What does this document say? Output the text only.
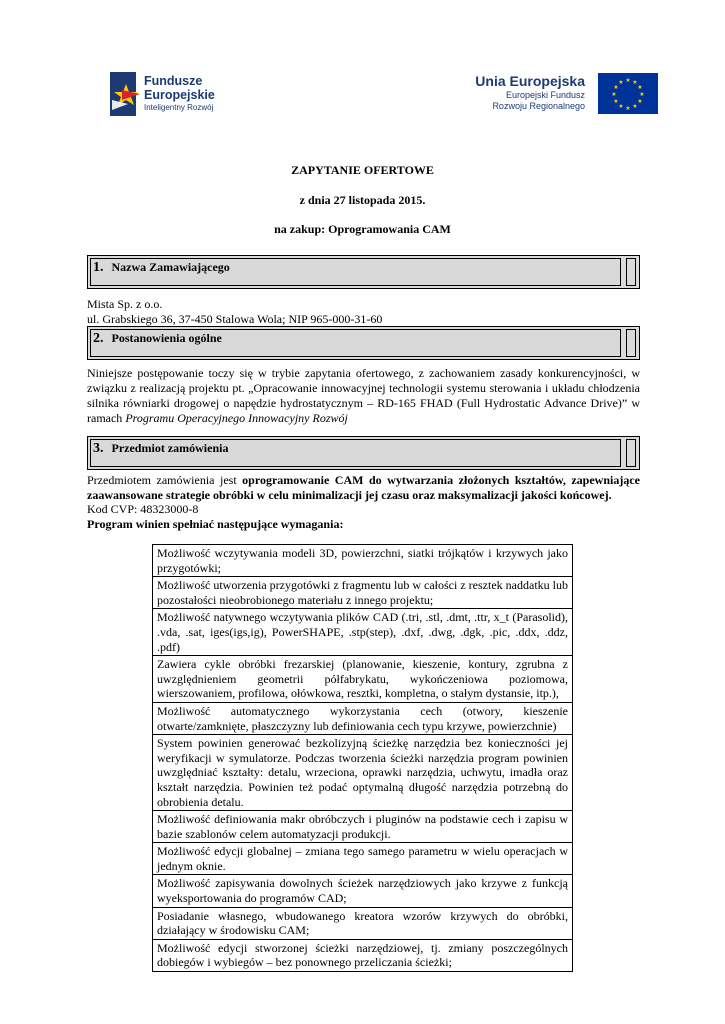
Fundusze
Europejskie
Inteligentny Rozwój
Unia Europejska
Europejski Fundusz
Rozwoju Regionalnego
★ ★
★
★
★
★
★
★
★
★
★
★
ZAPYTANIE OFERTOWE
z dnia 27 listopada 2015.
na zakup: Oprogramowania CAM
1. Nazwa Zamawiającego
Mista Sp. z o.o.
ul. Grabskiego 36, 37-450 Stalowa Wola; NIP 965-000-31-60
2. Postanowienia ogólne
Niniejsze postępowanie toczy się w trybie zapytania ofertowego, z zachowaniem zasady konkurencyjności, w związku z realizacją projektu pt. „Opracowanie innowacyjnej technologii systemu sterowania i układu chłodzenia silnika równiarki drogowej o napędzie hydrostatycznym – RD-165 FHAD (Full Hydrostatic Advance Drive)” w ramach Programu Operacyjnego Innowacyjny Rozwój
3. Przedmiot zamówienia
Przedmiotem zamówienia jest oprogramowanie CAM do wytwarzania złożonych kształtów, zapewniające zaawansowane strategie obróbki w celu minimalizacji jej czasu oraz maksymalizacji jakości końcowej.
Kod CVP: 48323000-8
Program winien spełniać następujące wymagania:
Możliwość wczytywania modeli 3D, powierzchni, siatki trójkątów i krzywych jako przygotówki;
Możliwość utworzenia przygotówki z fragmentu lub w całości z resztek naddatku lub pozostałości nieobrobionego materiału z innego projektu;
Możliwość natywnego wczytywania plików CAD (.tri, .stl, .dmt, .ttr, x_t (Parasolid), .vda, .sat, iges(igs,ig), PowerSHAPE, .stp(step), .dxf, .dwg, .dgk, .pic, .ddx, .ddz, .pdf)
Zawiera cykle obróbki frezarskiej (planowanie, kieszenie, kontury, zgrubna z uwzględnieniem geometrii półfabrykatu, wykończeniowa poziomowa, wierszowaniem, profilowa, ołówkowa, resztki, kompletna, o stałym dystansie, itp.),
Możliwość automatycznego wykorzystania cech (otwory, kieszenie otwarte/zamknięte, płaszczyzny lub definiowania cech typu krzywe, powierzchnie)
System powinien generować bezkolizyjną ścieżkę narzędzia bez konieczności jej weryfikacji w symulatorze. Podczas tworzenia ścieżki narzędzia program powinien uwzględniać kształty: detalu, wrzeciona, oprawki narzędzia, uchwytu, imadła oraz kształt narzędzia. Powinien też podać optymalną długość narzędzia potrzebną do obrobienia detalu.
Możliwość definiowania makr obróbczych i pluginów na podstawie cech i zapisu w bazie szablonów celem automatyzacji produkcji.
Możliwość edycji globalnej – zmiana tego samego parametru w wielu operacjach w jednym oknie.
Możliwość zapisywania dowolnych ścieżek narzędziowych jako krzywe z funkcją wyeksportowania do programów CAD;
Posiadanie własnego, wbudowanego kreatora wzorów krzywych do obróbki, działający w środowisku CAM;
Możliwość edycji stworzonej ścieżki narzędziowej, tj. zmiany poszczególnych dobiegów i wybiegów – bez ponownego przeliczania ścieżki;
